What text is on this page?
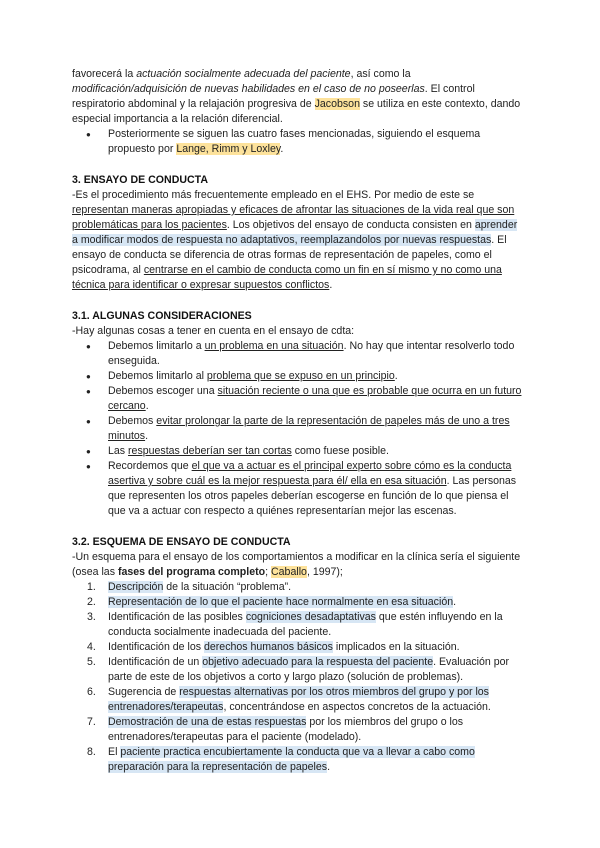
favorecerá la actuación socialmente adecuada del paciente, así como la modificación/adquisición de nuevas habilidades en el caso de no poseerlas. El control respiratorio abdominal y la relajación progresiva de Jacobson se utiliza en este contexto, dando especial importancia a la relación diferencial.

● Posteriormente se siguen las cuatro fases mencionadas, siguiendo el esquema propuesto por Lange, Rimm y Loxley.
3. ENSAYO DE CONDUCTA

-Es el procedimiento más frecuentemente empleado en el EHS. Por medio de este se representan maneras apropiadas y eficaces de afrontar las situaciones de la vida real que son problemáticas para los pacientes. Los objetivos del ensayo de conducta consisten en aprender a modificar modos de respuesta no adaptativos, reemplazandolos por nuevas respuestas. El ensayo de conducta se diferencia de otras formas de representación de papeles, como el psicodrama, al centrarse en el cambio de conducta como un fin en sí mismo y no como una técnica para identificar o expresar supuestos conflictos.

3.1. ALGUNAS CONSIDERACIONES

-Hay algunas cosas a tener en cuenta en el ensayo de cdta:

● Debemos limitarlo a un problema en una situación. No hay que intentar resolverlo todo enseguida.
● Debemos limitarlo al problema que se expuso en un principio.
● Debemos escoger una situación reciente o una que es probable que ocurra en un futuro cercano.
● Debemos evitar prolongar la parte de la representación de papeles más de uno a tres minutos.
● Las respuestas deberían ser tan cortas como fuese posible.
● Recordemos que el que va a actuar es el principal experto sobre cómo es la conducta asertiva y sobre cuál es la mejor respuesta para él/ ella en esa situación. Las personas que representen los otros papeles deberían escogerse en función de lo que piensa el que va a actuar con respecto a quiénes representarían mejor las escenas.
3.2. ESQUEMA DE ENSAYO DE CONDUCTA

-Un esquema para el ensayo de los comportamientos a modificar en la clínica sería el siguiente (osea las fases del programa completo; Caballo, 1997);

1. Descripción de la situación “problema”.
2. Representación de lo que el paciente hace normalmente en esa situación.
3. Identificación de las posibles cogniciones desadaptativas que estén influyendo en la conducta socialmente inadecuada del paciente.
4. Identificación de los derechos humanos básicos implicados en la situación.
5. Identificación de un objetivo adecuado para la respuesta del paciente. Evaluación por parte de este de los objetivos a corto y largo plazo (solución de problemas).
6. Sugerencia de respuestas alternativas por los otros miembros del grupo y por los entrenadores/terapeutas, concentrándose en aspectos concretos de la actuación.
7. Demostración de una de estas respuestas por los miembros del grupo o los entrenadores/terapeutas para el paciente (modelado).
8. El paciente practica encubiertamente la conducta que va a llevar a cabo como preparación para la representación de papeles.
